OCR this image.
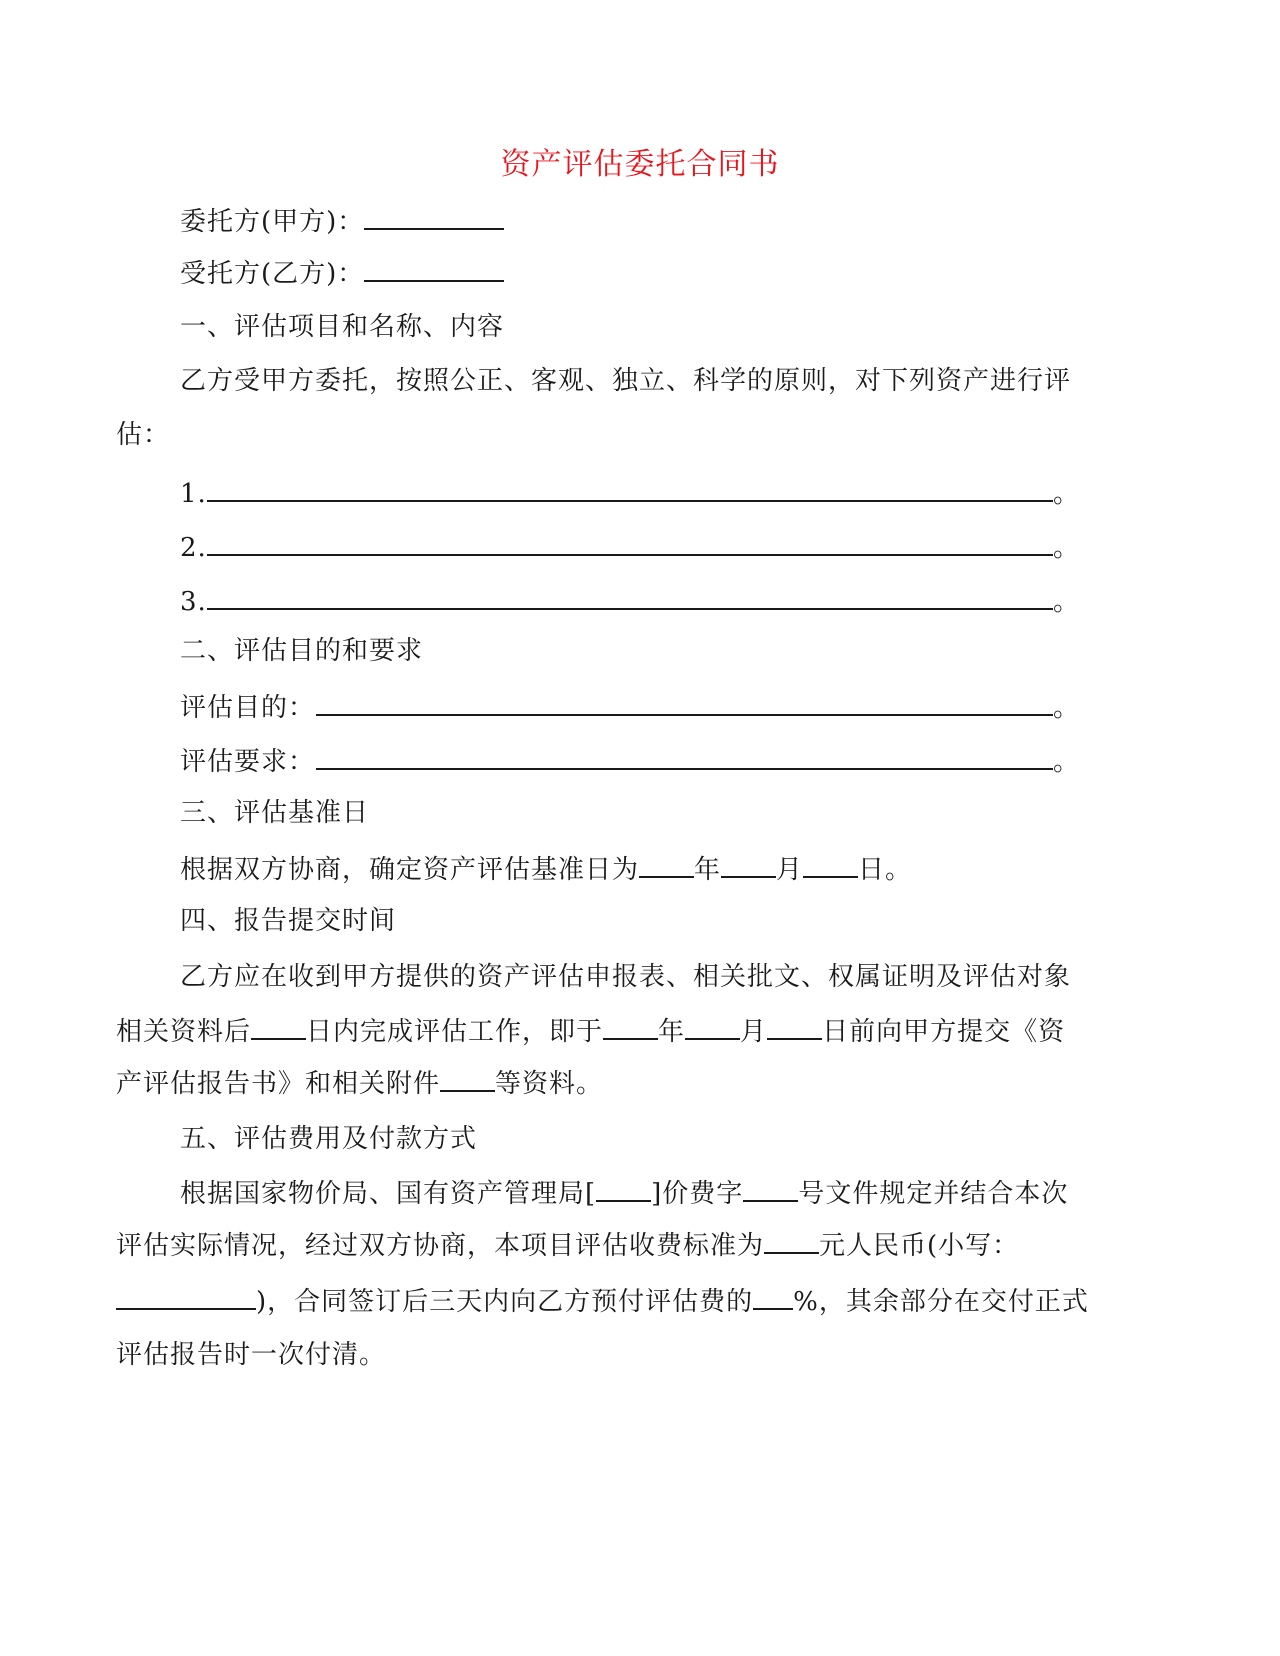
资产评估委托合同书
委托方(甲方)：
受托方(乙方)：
一、评估项目和名称、内容
乙方受甲方委托，按照公正、客观、独立、科学的原则，对下列资产进行评
估：
1.	。
2.	。
3.	。
二、评估目的和要求
评估目的：	。
评估要求：	。
三、评估基准日
根据双方协商，确定资产评估基准日为 年 月 日。
四、报告提交时间
乙方应在收到甲方提供的资产评估申报表、相关批文、权属证明及评估对象
相关资料后 日内完成评估工作，即于 年 月 日前向甲方提交《资
产评估报告书》和相关附件 等资料。
五、评估费用及付款方式
根据国家物价局、国有资产管理局[ ]价费字 号文件规定并结合本次
评估实际情况，经过双方协商，本项目评估收费标准为 元人民币(小写：
)，合同签订后三天内向乙方预付评估费的 %，其余部分在交付正式
评估报告时一次付清。
